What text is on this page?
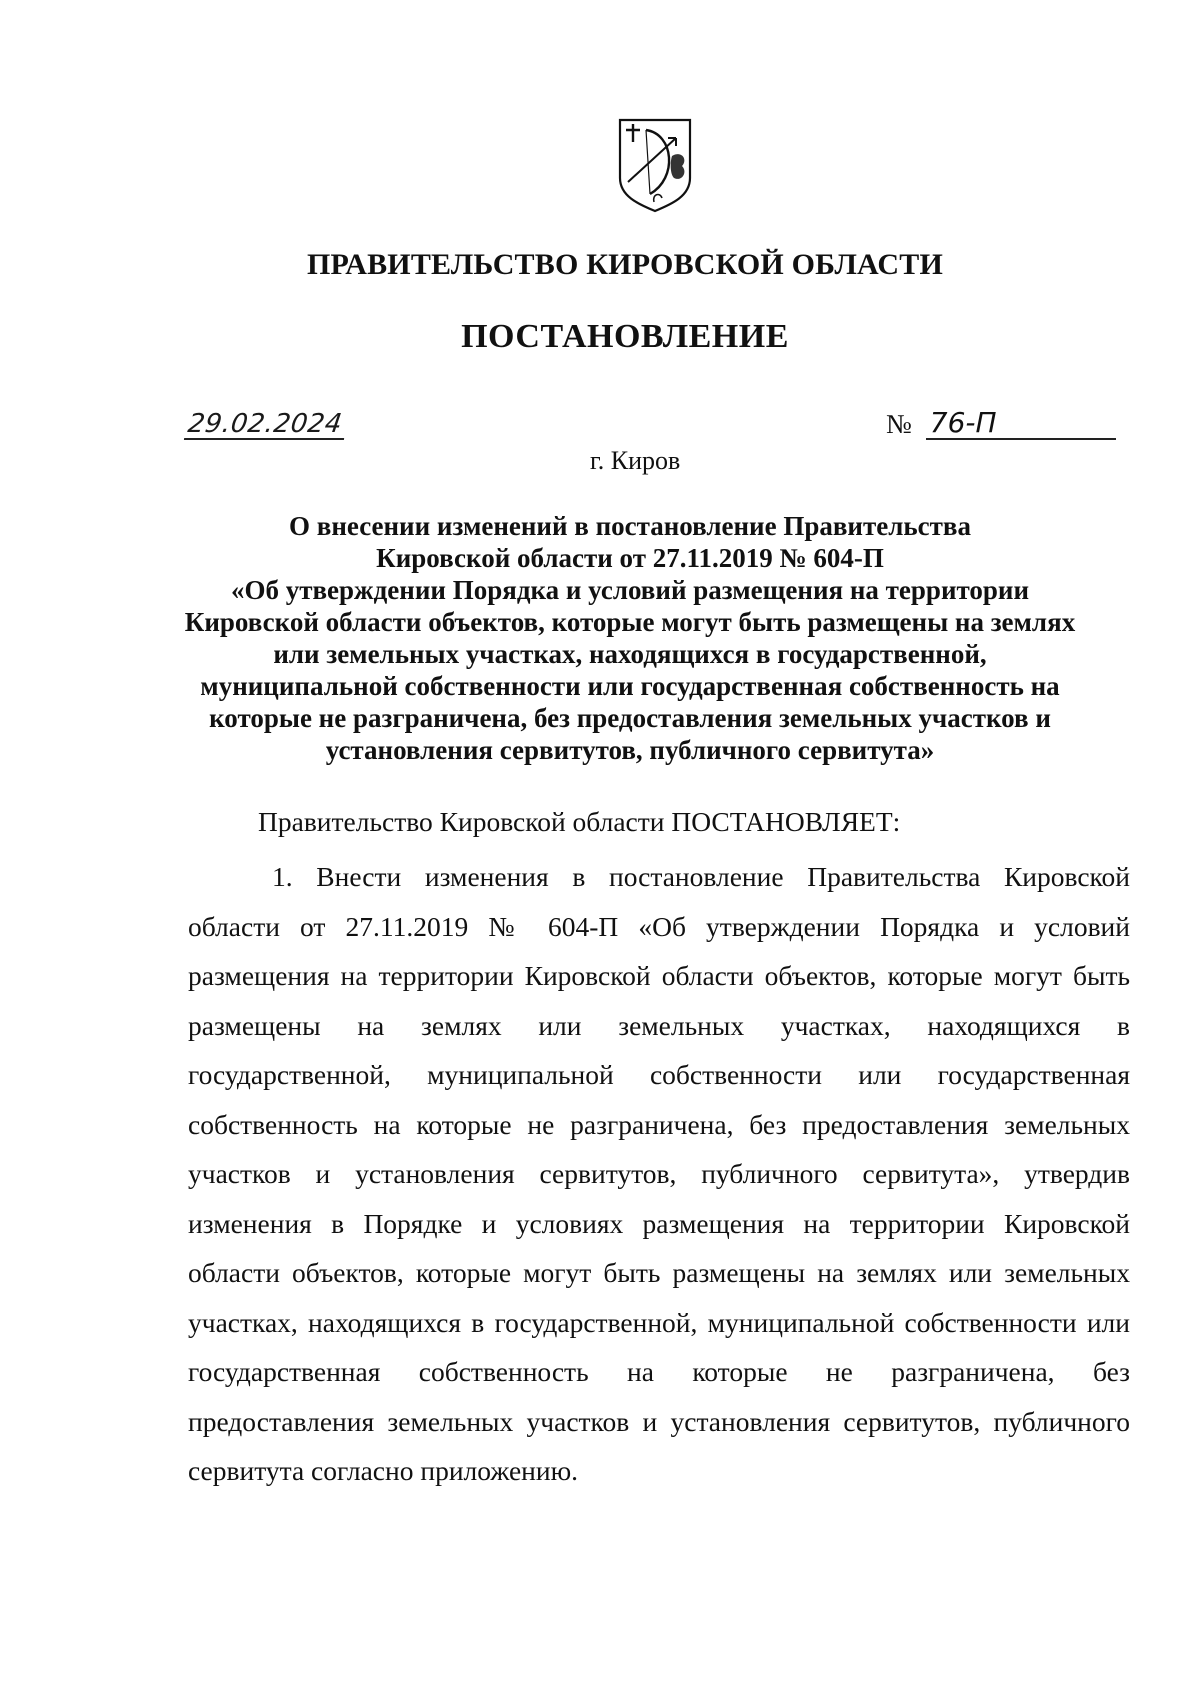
ПРАВИТЕЛЬСТВО КИРОВСКОЙ ОБЛАСТИ
ПОСТАНОВЛЕНИЕ
29.02.2024	№ 76-П
г. Киров
О внесении изменений в постановление Правительства
Кировской области от 27.11.2019 № 604-П
«Об утверждении Порядка и условий размещения на территории
Кировской области объектов, которые могут быть размещены на землях
или земельных участках, находящихся в государственной,
муниципальной собственности или государственная собственность на
которые не разграничена, без предоставления земельных участков и
установления сервитутов, публичного сервитута»
Правительство Кировской области ПОСТАНОВЛЯЕТ:
1. Внести изменения в постановление Правительства Кировской
области от 27.11.2019 № 604-П «Об утверждении Порядка и условий
размещения на территории Кировской области объектов, которые могут быть
размещены на землях или земельных участках, находящихся в
государственной, муниципальной собственности или государственная
собственность на которые не разграничена, без предоставления земельных
участков и установления сервитутов, публичного сервитута», утвердив
изменения в Порядке и условиях размещения на территории Кировской
области объектов, которые могут быть размещены на землях или земельных
участках, находящихся в государственной, муниципальной собственности или
государственная собственность на которые не разграничена, без
предоставления земельных участков и установления сервитутов, публичного
сервитута согласно приложению.
